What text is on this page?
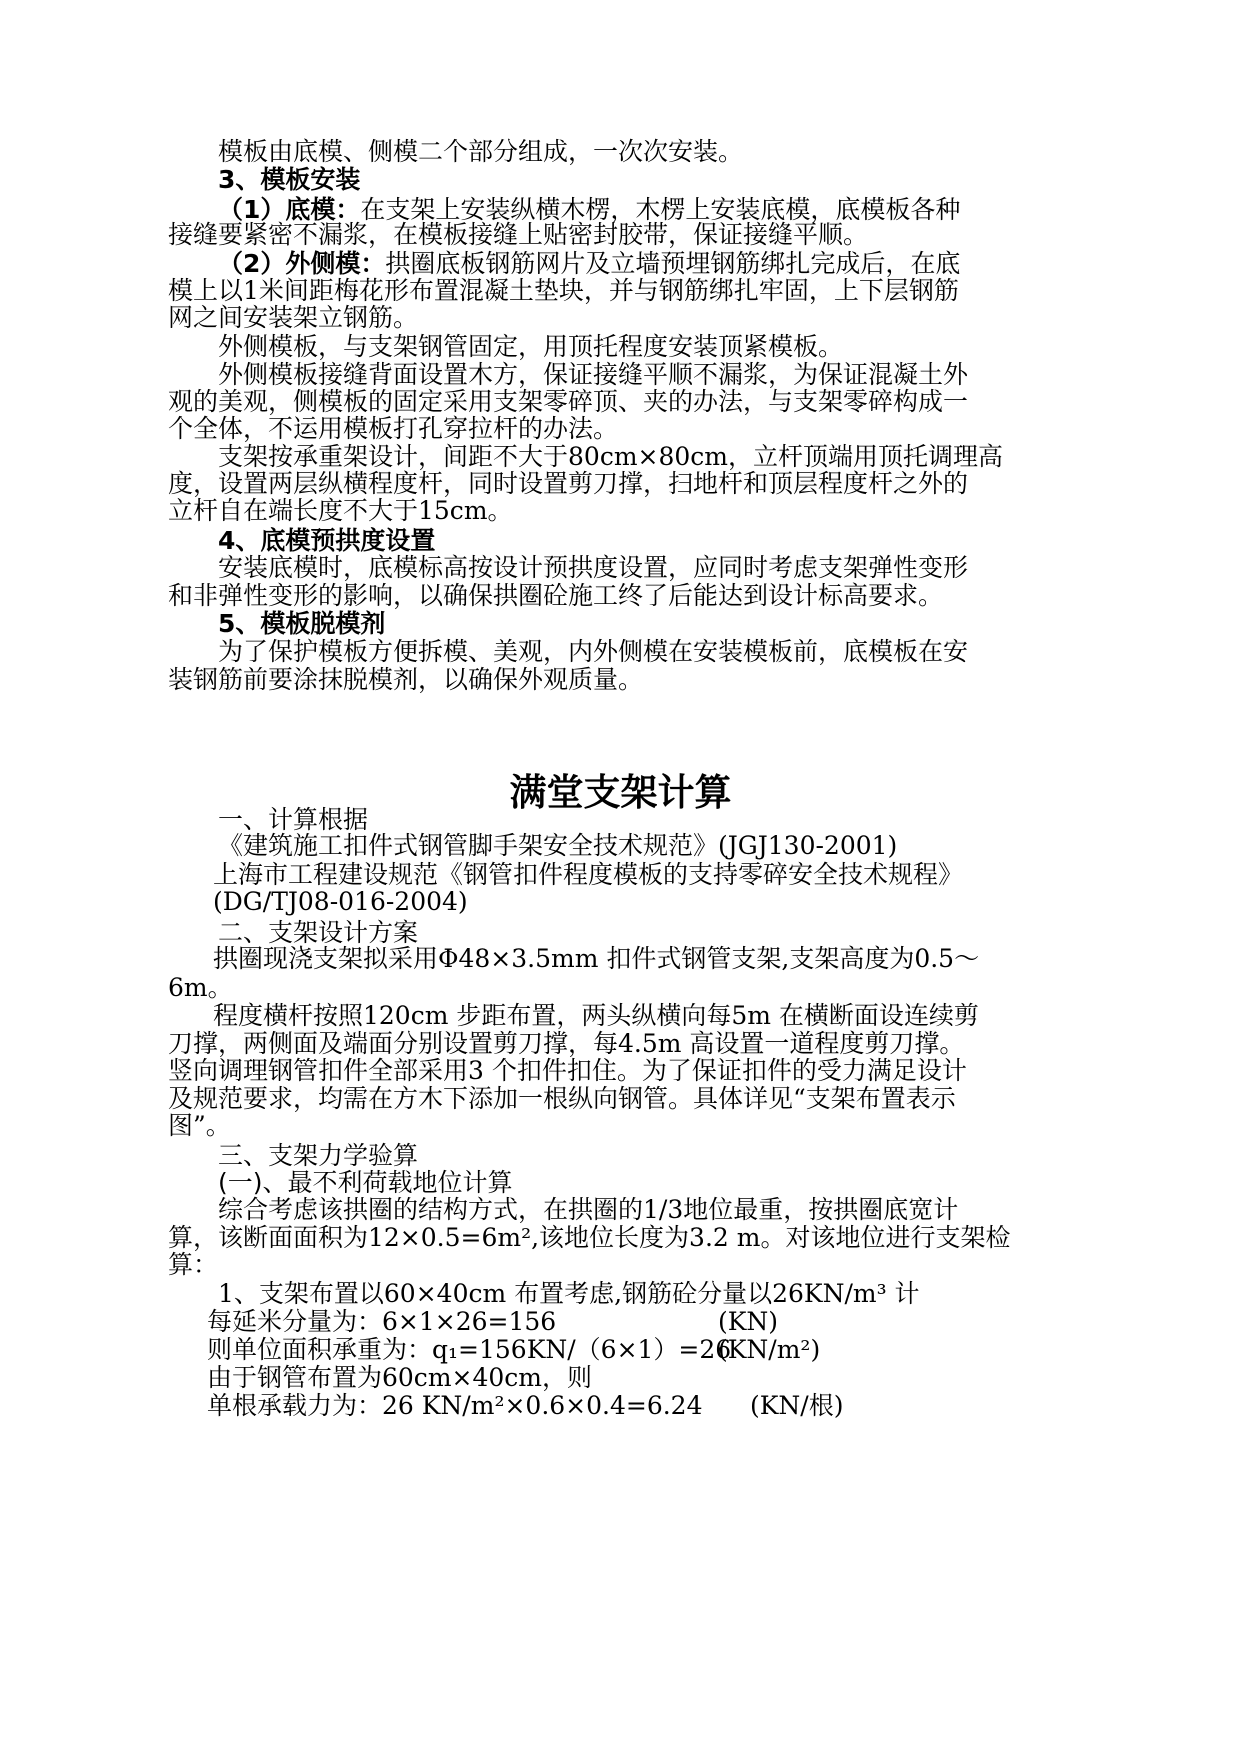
模板由底模、侧模二个部分组成，一次次安装。
3、模板安装
（1）底模：在支架上安装纵横木楞，木楞上安装底模，底模板各种
接缝要紧密不漏浆，在模板接缝上贴密封胶带，保证接缝平顺。
（2）外侧模：拱圈底板钢筋网片及立墙预埋钢筋绑扎完成后，在底
模上以1米间距梅花形布置混凝土垫块，并与钢筋绑扎牢固，上下层钢筋
网之间安装架立钢筋。
外侧模板，与支架钢管固定，用顶托程度安装顶紧模板。
外侧模板接缝背面设置木方，保证接缝平顺不漏浆，为保证混凝土外
观的美观，侧模板的固定采用支架零碎顶、夹的办法，与支架零碎构成一
个全体，不运用模板打孔穿拉杆的办法。
支架按承重架设计，间距不大于80cm×80cm，立杆顶端用顶托调理高
度，设置两层纵横程度杆，同时设置剪刀撑，扫地杆和顶层程度杆之外的
立杆自在端长度不大于15cm。
4、底模预拱度设置
安装底模时，底模标高按设计预拱度设置，应同时考虑支架弹性变形
和非弹性变形的影响，以确保拱圈砼施工终了后能达到设计标高要求。
5、模板脱模剂
为了保护模板方便拆模、美观，内外侧模在安装模板前，底模板在安
装钢筋前要涂抹脱模剂，以确保外观质量。
满堂支架计算
一、计算根据
《建筑施工扣件式钢管脚手架安全技术规范》(JGJ130-2001)
上海市工程建设规范《钢管扣件程度模板的支持零碎安全技术规程》
(DG/TJ08-016-2004)
二、支架设计方案
拱圈现浇支架拟采用Φ48×3.5mm 扣件式钢管支架,支架高度为0.5～
6m。
程度横杆按照120cm 步距布置，两头纵横向每5m 在横断面设连续剪
刀撑，两侧面及端面分别设置剪刀撑，每4.5m 高设置一道程度剪刀撑。
竖向调理钢管扣件全部采用3 个扣件扣住。为了保证扣件的受力满足设计
及规范要求，均需在方木下添加一根纵向钢管。具体详见“支架布置表示
图”。
三、支架力学验算
(一)、最不利荷载地位计算
综合考虑该拱圈的结构方式，在拱圈的1/3地位最重，按拱圈底宽计
算，该断面面积为12×0.5=6m²,该地位长度为3.2 m。对该地位进行支架检
算：
1、支架布置以60×40cm 布置考虑,钢筋砼分量以26KN/m³ 计
每延米分量为：6×1×26=156	(KN)
则单位面积承重为：q₁=156KN/（6×1）=26
(KN/m²)
由于钢管布置为60cm×40cm，则
单根承载力为：26 KN/m²×0.6×0.4=6.24 (KN/根)
